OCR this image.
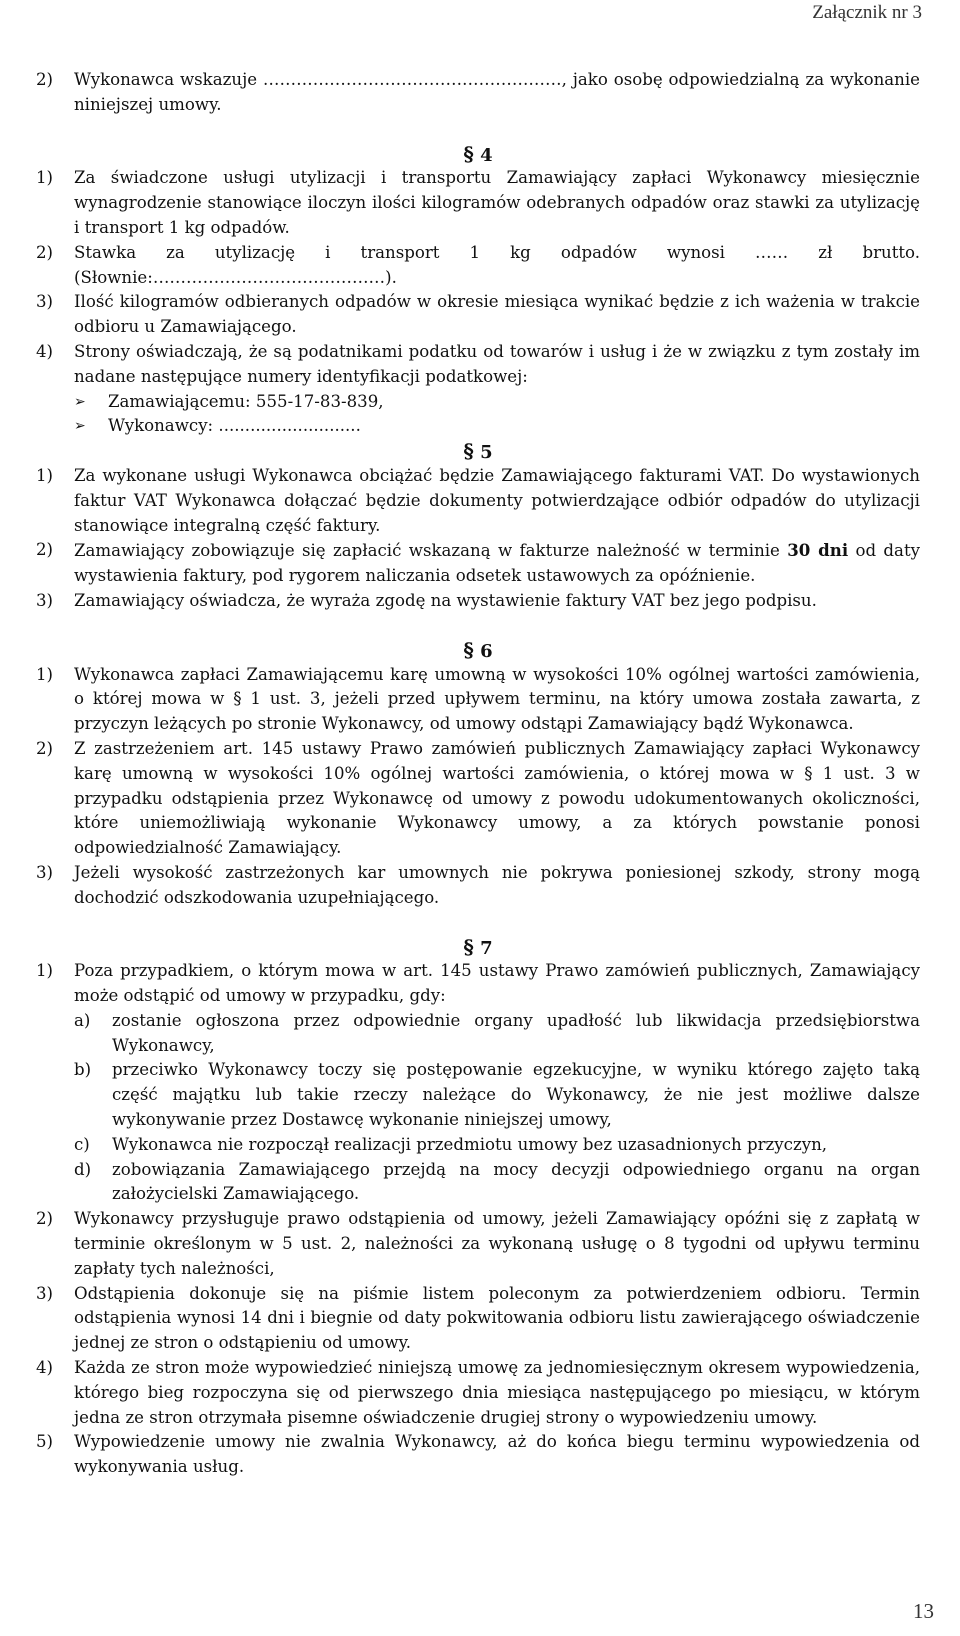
Załącznik nr 3
2)	Wykonawca wskazuje ………………………………………………, jako osobę odpowiedzialną za wykonanie niniejszej umowy.
§ 4
1)	Za świadczone usługi utylizacji i transportu Zamawiający zapłaci Wykonawcy miesięcznie wynagrodzenie stanowiące iloczyn ilości kilogramów odebranych odpadów oraz stawki za utylizację i transport 1 kg odpadów.
2)	Stawka za utylizację i transport 1 kg odpadów wynosi …… zł brutto. (Słownie:……………………………………).
3)	Ilość kilogramów odbieranych odpadów w okresie miesiąca wynikać będzie z ich ważenia w trakcie odbioru u Zamawiającego.
4)	Strony oświadczają, że są podatnikami podatku od towarów i usług i że w związku z tym zostały im nadane następujące numery identyfikacji podatkowej:
➢	Zamawiającemu: 555-17-83-839,
➢	Wykonawcy: ...........................
§ 5
1)	Za wykonane usługi Wykonawca obciążać będzie Zamawiającego fakturami VAT. Do wystawionych faktur VAT Wykonawca dołączać będzie dokumenty potwierdzające odbiór odpadów do utylizacji stanowiące integralną część faktury.
2)	Zamawiający zobowiązuje się zapłacić wskazaną w fakturze należność w terminie 30 dni od daty wystawienia faktury, pod rygorem naliczania odsetek ustawowych za opóźnienie.
3)	Zamawiający oświadcza, że wyraża zgodę na wystawienie faktury VAT bez jego podpisu.
§ 6
1)	Wykonawca zapłaci Zamawiającemu karę umowną w wysokości 10% ogólnej wartości zamówienia, o której mowa w § 1 ust. 3, jeżeli przed upływem terminu, na który umowa została zawarta, z przyczyn leżących po stronie Wykonawcy, od umowy odstąpi Zamawiający bądź Wykonawca.
2)	Z zastrzeżeniem art. 145 ustawy Prawo zamówień publicznych Zamawiający zapłaci Wykonawcy karę umowną w wysokości 10% ogólnej wartości zamówienia, o której mowa w § 1 ust. 3 w przypadku odstąpienia przez Wykonawcę od umowy z powodu udokumentowanych okoliczności, które uniemożliwiają wykonanie Wykonawcy umowy, a za których powstanie ponosi odpowiedzialność Zamawiający.
3)	Jeżeli wysokość zastrzeżonych kar umownych nie pokrywa poniesionej szkody, strony mogą dochodzić odszkodowania uzupełniającego.
§ 7
1)	Poza przypadkiem, o którym mowa w art. 145 ustawy Prawo zamówień publicznych, Zamawiający może odstąpić od umowy w przypadku, gdy:
a)	zostanie ogłoszona przez odpowiednie organy upadłość lub likwidacja przedsiębiorstwa Wykonawcy,
b)	przeciwko Wykonawcy toczy się postępowanie egzekucyjne, w wyniku którego zajęto taką część majątku lub takie rzeczy należące do Wykonawcy, że nie jest możliwe dalsze wykonywanie przez Dostawcę wykonanie niniejszej umowy,
c)	Wykonawca nie rozpoczął realizacji przedmiotu umowy bez uzasadnionych przyczyn,
d)	zobowiązania Zamawiającego przejdą na mocy decyzji odpowiedniego organu na organ założycielski Zamawiającego.
2)	Wykonawcy przysługuje prawo odstąpienia od umowy, jeżeli Zamawiający opóźni się z zapłatą w terminie określonym w 5 ust. 2, należności za wykonaną usługę o 8 tygodni od upływu terminu zapłaty tych należności,
3)	Odstąpienia dokonuje się na piśmie listem poleconym za potwierdzeniem odbioru. Termin odstąpienia wynosi 14 dni i biegnie od daty pokwitowania odbioru listu zawierającego oświadczenie jednej ze stron o odstąpieniu od umowy.
4)	Każda ze stron może wypowiedzieć niniejszą umowę za jednomiesięcznym okresem wypowiedzenia, którego bieg rozpoczyna się od pierwszego dnia miesiąca następującego po miesiącu, w którym jedna ze stron otrzymała pisemne oświadczenie drugiej strony o wypowiedzeniu umowy.
5)	Wypowiedzenie umowy nie zwalnia Wykonawcy, aż do końca biegu terminu wypowiedzenia od wykonywania usług.
13
